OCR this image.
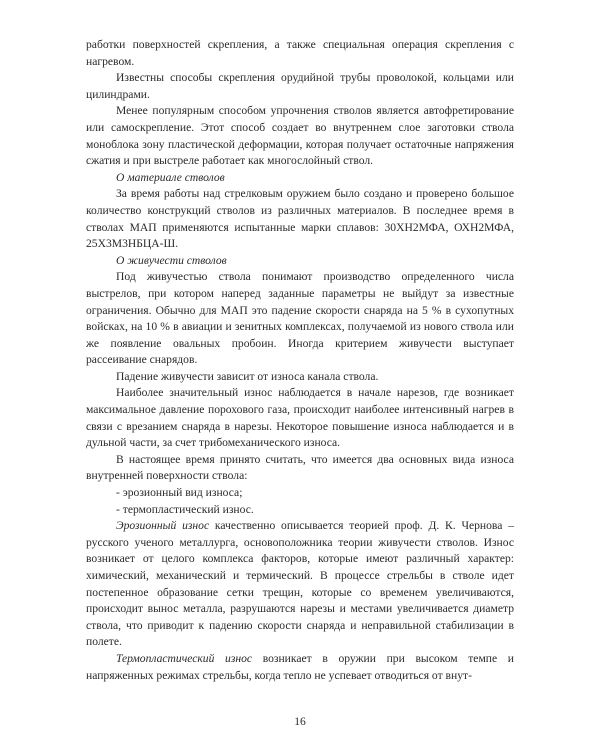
работки поверхностей скрепления, а также специальная операция скрепления с нагревом.

Известны способы скрепления орудийной трубы проволокой, кольцами или цилиндрами.

Менее популярным способом упрочнения стволов является автофретирование или самоскрепление. Этот способ создает во внутреннем слое заготовки ствола моноблока зону пластической деформации, которая получает остаточные напряжения сжатия и при выстреле работает как многослойный ствол.

О материале стволов

За время работы над стрелковым оружием было создано и проверено большое количество конструкций стволов из различных материалов. В последнее время в стволах МАП применяются испытанные марки сплавов: 30ХН2МФА, ОХН2МФА, 25Х3М3НБЦА-Ш.

О живучести стволов

Под живучестью ствола понимают производство определенного числа выстрелов, при котором наперед заданные параметры не выйдут за известные ограничения. Обычно для МАП это падение скорости снаряда на 5 % в сухопутных войсках, на 10 % в авиации и зенитных комплексах, получаемой из нового ствола или же появление овальных пробоин. Иногда критерием живучести выступает рассеивание снарядов.

Падение живучести зависит от износа канала ствола.

Наиболее значительный износ наблюдается в начале нарезов, где возникает максимальное давление порохового газа, происходит наиболее интенсивный нагрев в связи с врезанием снаряда в нарезы. Некоторое повышение износа наблюдается и в дульной части, за счет трибомеханического износа.

В настоящее время принято считать, что имеется два основных вида износа внутренней поверхности ствола:

- эрозионный вид износа;

- термопластический износ.

Эрозионный износ качественно описывается теорией проф. Д. К. Чернова – русского ученого металлурга, основоположника теории живучести стволов. Износ возникает от целого комплекса факторов, которые имеют различный характер: химический, механический и термический. В процессе стрельбы в стволе идет постепенное образование сетки трещин, которые со временем увеличиваются, происходит вынос металла, разрушаются нарезы и местами увеличивается диаметр ствола, что приводит к падению скорости снаряда и неправильной стабилизации в полете.

Термопластический износ возникает в оружии при высоком темпе и напряженных режимах стрельбы, когда тепло не успевает отводиться от внут-

16
